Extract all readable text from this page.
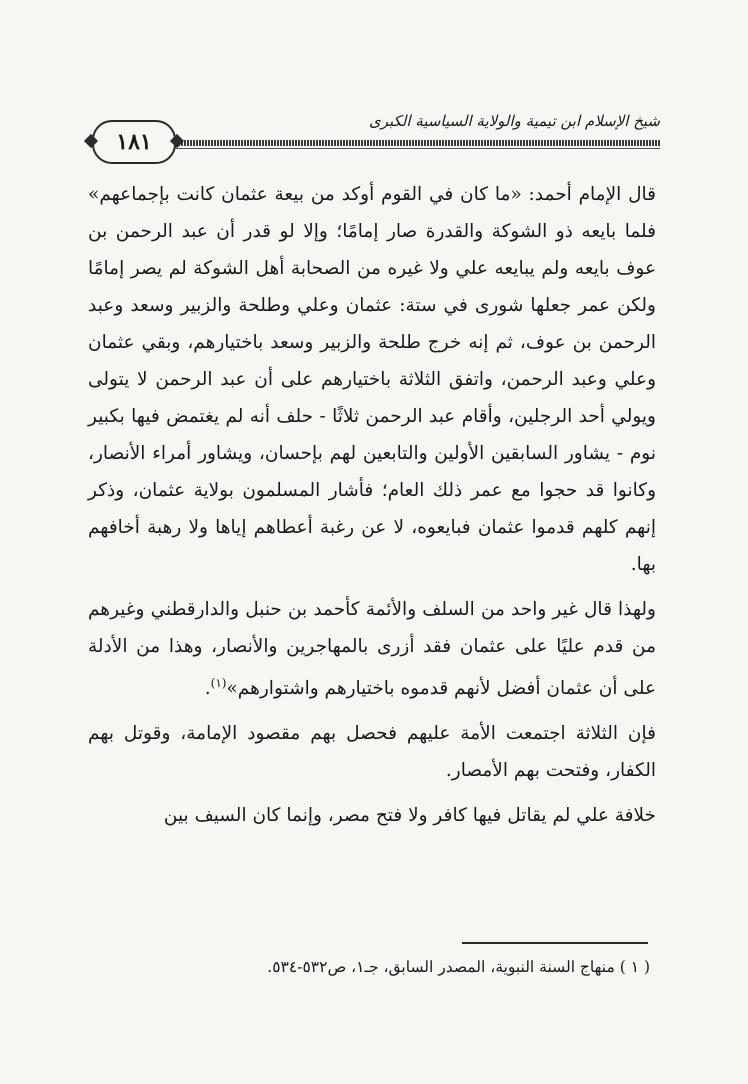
شيخ الإسلام ابن تيمية والولاية السياسية الكبرى
١٨١

قال الإمام أحمد: «ما كان في القوم أوكد من بيعة عثمان كانت بإجماعهم» فلما بايعه ذو الشوكة والقدرة صار إمامًا؛ وإلا لو قدر أن عبد الرحمن بن عوف بايعه ولم يبايعه علي ولا غيره من الصحابة أهل الشوكة لم يصر إمامًا ولكن عمر جعلها شورى في ستة: عثمان وعلي وطلحة والزبير وسعد وعبد الرحمن بن عوف، ثم إنه خرج طلحة والزبير وسعد باختيارهم، وبقي عثمان وعلي وعبد الرحمن، واتفق الثلاثة باختيارهم على أن عبد الرحمن لا يتولى ويولي أحد الرجلين، وأقام عبد الرحمن ثلاثًا - حلف أنه لم يغتمض فيها بكبير نوم - يشاور السابقين الأولين والتابعين لهم بإحسان، ويشاور أمراء الأنصار، وكانوا قد حجوا مع عمر ذلك العام؛ فأشار المسلمون بولاية عثمان، وذكر إنهم كلهم قدموا عثمان فبايعوه، لا عن رغبة أعطاهم إياها ولا رهبة أخافهم بها.

ولهذا قال غير واحد من السلف والأئمة كأحمد بن حنبل والدارقطني وغيرهم من قدم عليًا على عثمان فقد أزرى بالمهاجرين والأنصار، وهذا من الأدلة على أن عثمان أفضل لأنهم قدموه باختيارهم واشتوارهم»$^{(١)}$.

فإن الثلاثة اجتمعت الأمة عليهم فحصل بهم مقصود الإمامة، وقوتل بهم الكفار، وفتحت بهم الأمصار.

خلافة علي لم يقاتل فيها كافر ولا فتح مصر، وإنما كان السيف بين

( ١ ) منهاج السنة النبوية، المصدر السابق، جـ١، ص٥٣٢-٥٣٤.
